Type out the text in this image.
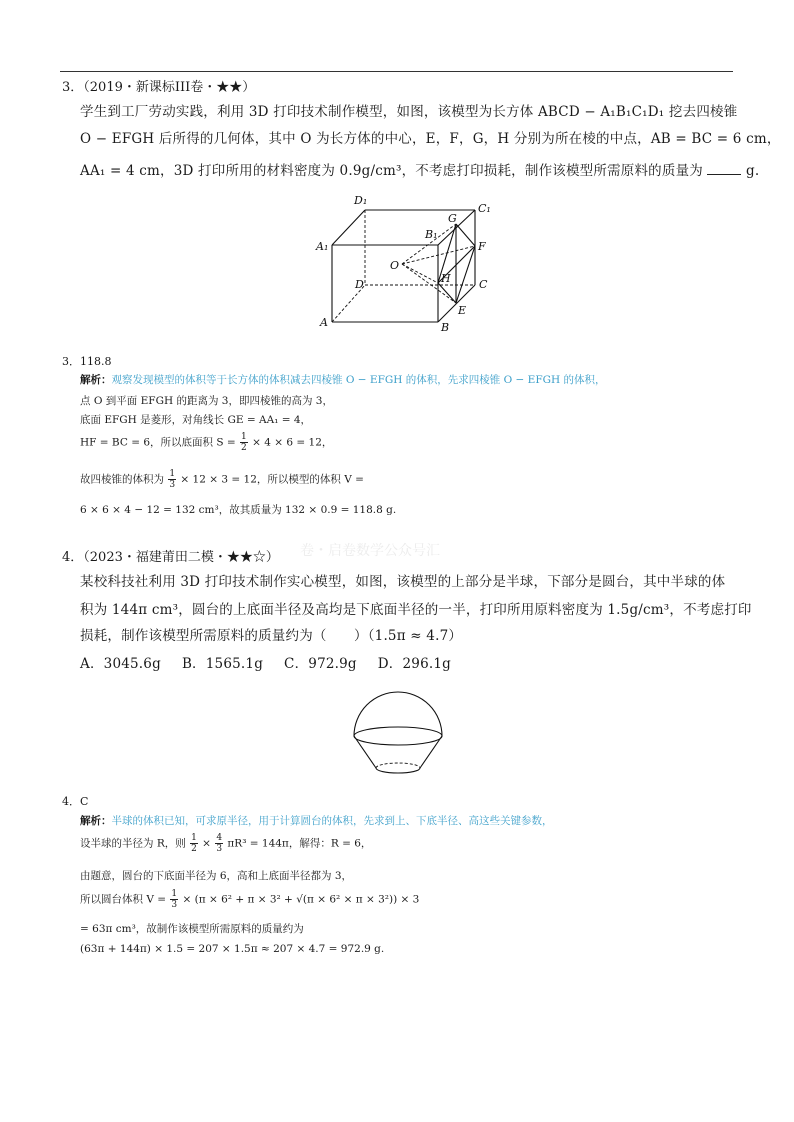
3．（2019・新课标III卷・★★）
学生到工厂劳动实践，利用 3D 打印技术制作模型，如图，该模型为长方体 ABCD − A₁B₁C₁D₁ 挖去四棱锥
O − EFGH 后所得的几何体，其中 O 为长方体的中心，E，F，G，H 分别为所在棱的中点，AB = BC = 6 cm，
AA₁ = 4 cm，3D 打印所用的材料密度为 0.9g/cm³，不考虑打印损耗，制作该模型所需原料的质量为	g.
D₁
C₁
A₁
B₁
G
F
O
D	H	C
E
A	B
3．118.8
解析：观察发现模型的体积等于长方体的体积减去四棱锥 O − EFGH 的体积，先求四棱锥 O − EFGH 的体积，
点 O 到平面 EFGH 的距离为 3，即四棱锥的高为 3，
底面 EFGH 是菱形，对角线长 GE = AA₁ = 4，
HF = BC = 6，所以底面积 $S = \frac{1}{2} \times 4 \times 6 = 12$，
故四棱锥的体积为 $\frac{1}{3} \times 12 \times 3 = 12$，所以模型的体积 V =
6 × 6 × 4 − 12 = 132 cm³，故其质量为 132 × 0.9 = 118.8 g.
卷・启卷数学公众号汇
4．（2023・福建莆田二模・★★☆）
某校科技社利用 3D 打印技术制作实心模型，如图，该模型的上部分是半球，下部分是圆台，其中半球的体
积为 144π cm³，圆台的上底面半径及高均是下底面半径的一半，打印所用原料密度为 1.5g/cm³，不考虑打印
损耗，制作该模型所需原料的质量约为（　　）（1.5π ≈ 4.7）
A．3045.6g B．1565.1g C．972.9g D．296.1g
4．C
解析：半球的体积已知，可求原半径，用于计算圆台的体积，先求到上、下底半径、高这些关键参数，
设半球的半径为 R，则 $\frac{1}{2} \times \frac{4}{3} \pi R^3 = 144\pi$，解得：R = 6，
由题意，圆台的下底面半径为 6，高和上底面半径都为 3，
所以圆台体积 $V = \frac{1}{3} \times (\pi \times 6^2 + \pi \times 3^2 + √(\pi \times 6^2 \times \pi \times 3^2)) \times 3$
= 63π cm³，故制作该模型所需原料的质量约为
(63π + 144π) × 1.5 = 207 × 1.5π ≈ 207 × 4.7 = 972.9 g.
